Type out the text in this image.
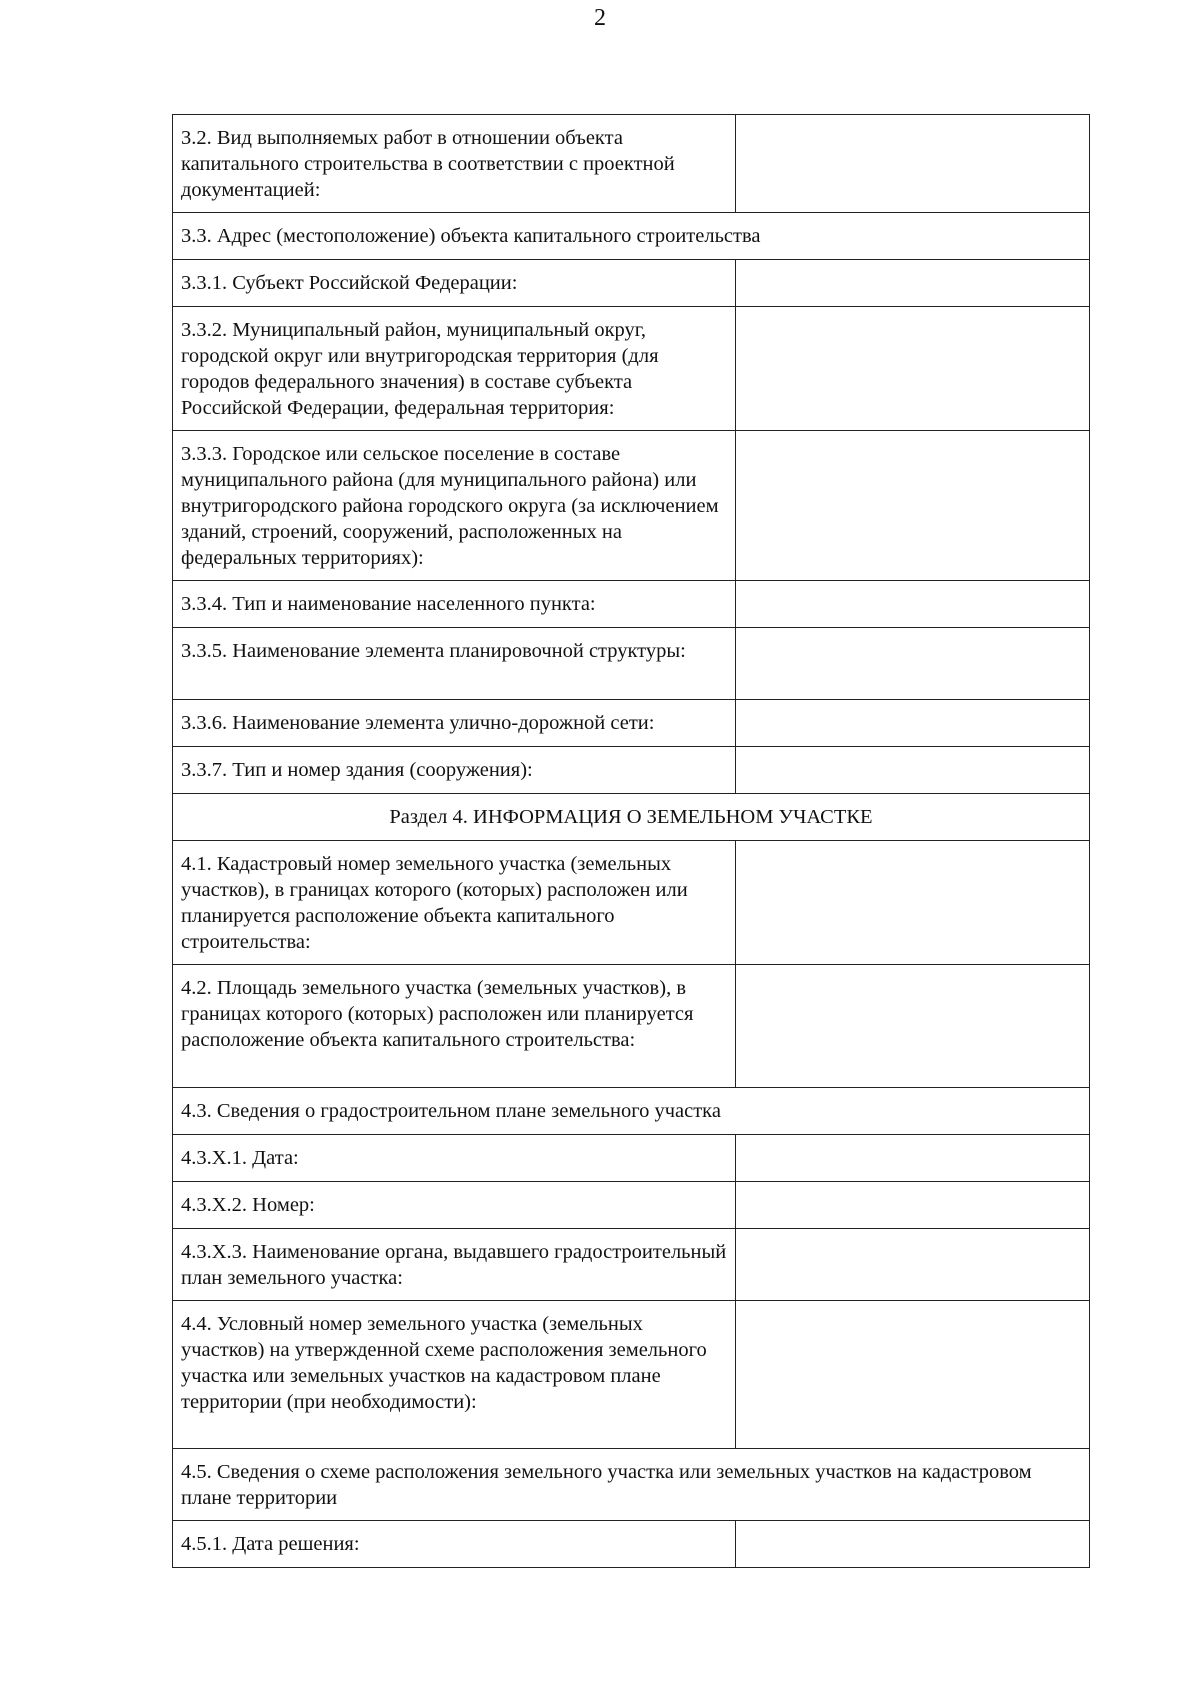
2
3.2. Вид выполняемых работ в отношении объекта капитального строительства в соответствии с проектной документацией:	
3.3. Адрес (местоположение) объекта капитального строительства	
3.3.1. Субъект Российской Федерации:	
3.3.2. Муниципальный район, муниципальный округ, городской округ или внутригородская территория (для городов федерального значения) в составе субъекта Российской Федерации, федеральная территория:	
3.3.3. Городское или сельское поселение в составе муниципального района (для муниципального района) или внутригородского района городского округа (за исключением зданий, строений, сооружений, расположенных на федеральных территориях):	
3.3.4. Тип и наименование населенного пункта:	
3.3.5. Наименование элемента планировочной структуры:	
3.3.6. Наименование элемента улично-дорожной сети:	
3.3.7. Тип и номер здания (сооружения):	
Раздел 4. ИНФОРМАЦИЯ О ЗЕМЕЛЬНОМ УЧАСТКЕ	
4.1. Кадастровый номер земельного участка (земельных участков), в границах которого (которых) расположен или планируется расположение объекта капитального строительства:	
4.2. Площадь земельного участка (земельных участков), в границах которого (которых) расположен или планируется расположение объекта капитального строительства:	
4.3. Сведения о градостроительном плане земельного участка	
4.3.X.1. Дата:	
4.3.X.2. Номер:	
4.3.X.3. Наименование органа, выдавшего градостроительный план земельного участка:	
4.4. Условный номер земельного участка (земельных участков) на утвержденной схеме расположения земельного участка или земельных участков на кадастровом плане территории (при необходимости):	
4.5. Сведения о схеме расположения земельного участка или земельных участков на кадастровом плане территории	
4.5.1. Дата решения:	
